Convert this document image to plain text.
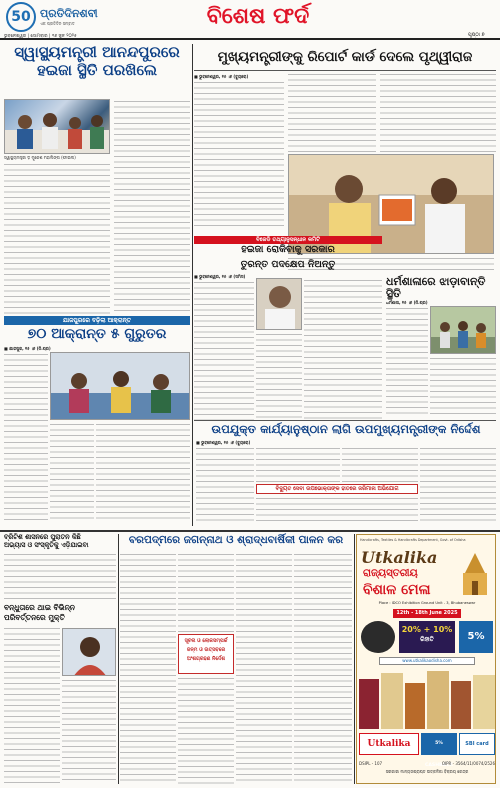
50 ପ୍ରତିଦିନଶବୀ
ଏକ ପ୍ରତିଦିନ ସମ୍ବାଦ	ବିଶେଷ ଫର୍ଦ
ଭୁବନେଶ୍ୱର | ସୋମବାର | ୧୬ ଜୁନ ୨୦୨୫	ପୃଷ୍ଠା ୭
ସ୍ୱାସ୍ଥ୍ୟମନ୍ତ୍ରୀ ଆନନ୍ଦପୁରରେ
ହଇଜା ସ୍ଥିତି ପରଖିଲେ
ସ୍ୱାସ୍ଥ୍ୟମନ୍ତ୍ରୀ ଡ଼ ମୁକେଶ ମହାଲିଙ୍ଗ (ଫାଇଲ)
ମୁଖ୍ୟମନ୍ତ୍ରୀଙ୍କୁ ରିପୋର୍ଟ କାର୍ଡ ଦେଲେ ପୃଥ୍ୱୀରାଜ
■ ଭୁବନେଶ୍ୱର, ୧୫ ।୬ (ବ୍ୟୁରୋ)
ବିଜେଡି ତଥ୍ୟାନୁସନ୍ଧାନ କମିଟି
ହଇଜା ରୋକିବାକୁ ସରକାର
ତୁରନ୍ତ ପଦକ୍ଷେପ ନିଅନ୍ତୁ
■ ଭୁବନେଶ୍ୱର, ୧୫ ।୬ (ସମିସ)	ଧର୍ମଶାଳାରେ ଝାଡ଼ାବାନ୍ତି ସ୍ଥିତି
ଧର୍ମଶାଳା, ୧୫ ।୬ (ନି.ପ୍ର)
ଯାଜପୁରରେ ବଢ଼ିଲା ଆକ୍ରାନ୍ତ
୭୦ ଆକ୍ରାନ୍ତ ୫ ଗୁରୁତର
■ ଯାଜପୁର, ୧୫ ।୬ (ନି.ପ୍ର)
ଉପଯୁକ୍ତ କାର୍ଯ୍ୟାନୁଷ୍ଠାନ ଲାଗି ଉପମୁଖ୍ୟମନ୍ତ୍ରୀଙ୍କ ନିର୍ଦ୍ଦେଶ
■ ଭୁବନେଶ୍ୱର, ୧୫ ।୬ (ବ୍ୟୁରୋ)
ବିଦ୍ୟୁତ ସେବା ଉପଭୋକ୍ତାଙ୍କ ହାତରେ ଜରିମାନା ଅଭିଯୋଗ
ବ୍ରିଟିଶ ଶାସନରେ ପୁରାତନ କିଛି
ଅଭ୍ୟାସ ଓ ସଂସ୍କୃତିକୁ ଏଡ଼ିଯାଇବା
ବନ୍ଧୁତାରେ ଥାଇ ବିଭିନ୍ନ
ପରିବର୍ତ୍ତନରେ ମୁକ୍ତି
ବରପଦ୍ମରେ ଜଗନ୍ନାଥ ଓ ଶ୍ରାଦ୍ଧବାର୍ଷିକୀ ପାଳନ କର
ସୂଚନା ଓ ଲୋକସମ୍ପର୍କ
ଜନ୍ମ ଓ ଉତ୍ସବରେ
ଅଂଶଗ୍ରହଣ ନିର୍ଦ୍ଦେଶ
Handicrafts, Textiles & Handicrafts Department, Govt. of Odisha
Utkalika
ରାଜ୍ୟସ୍ତରୀୟ
ବିଶାଳ ମେଳା
Place : IDCO Exhibition Ground Unit - 3, Bhubaneswar
12th - 18th June 2025
20% + 10%
ରିହାତି	5%
www.utkalikaodisha.com
Utkalika	5% CASHBACK
SBI card
DSIPL - 107
ସରକାରୀ ମାନ୍ୟତାପ୍ରାପ୍ତ ଉତ୍କଳିକା ବିକ୍ରୟ କେନ୍ଦ୍ର
OIPR - 3564/11/0074/2526
